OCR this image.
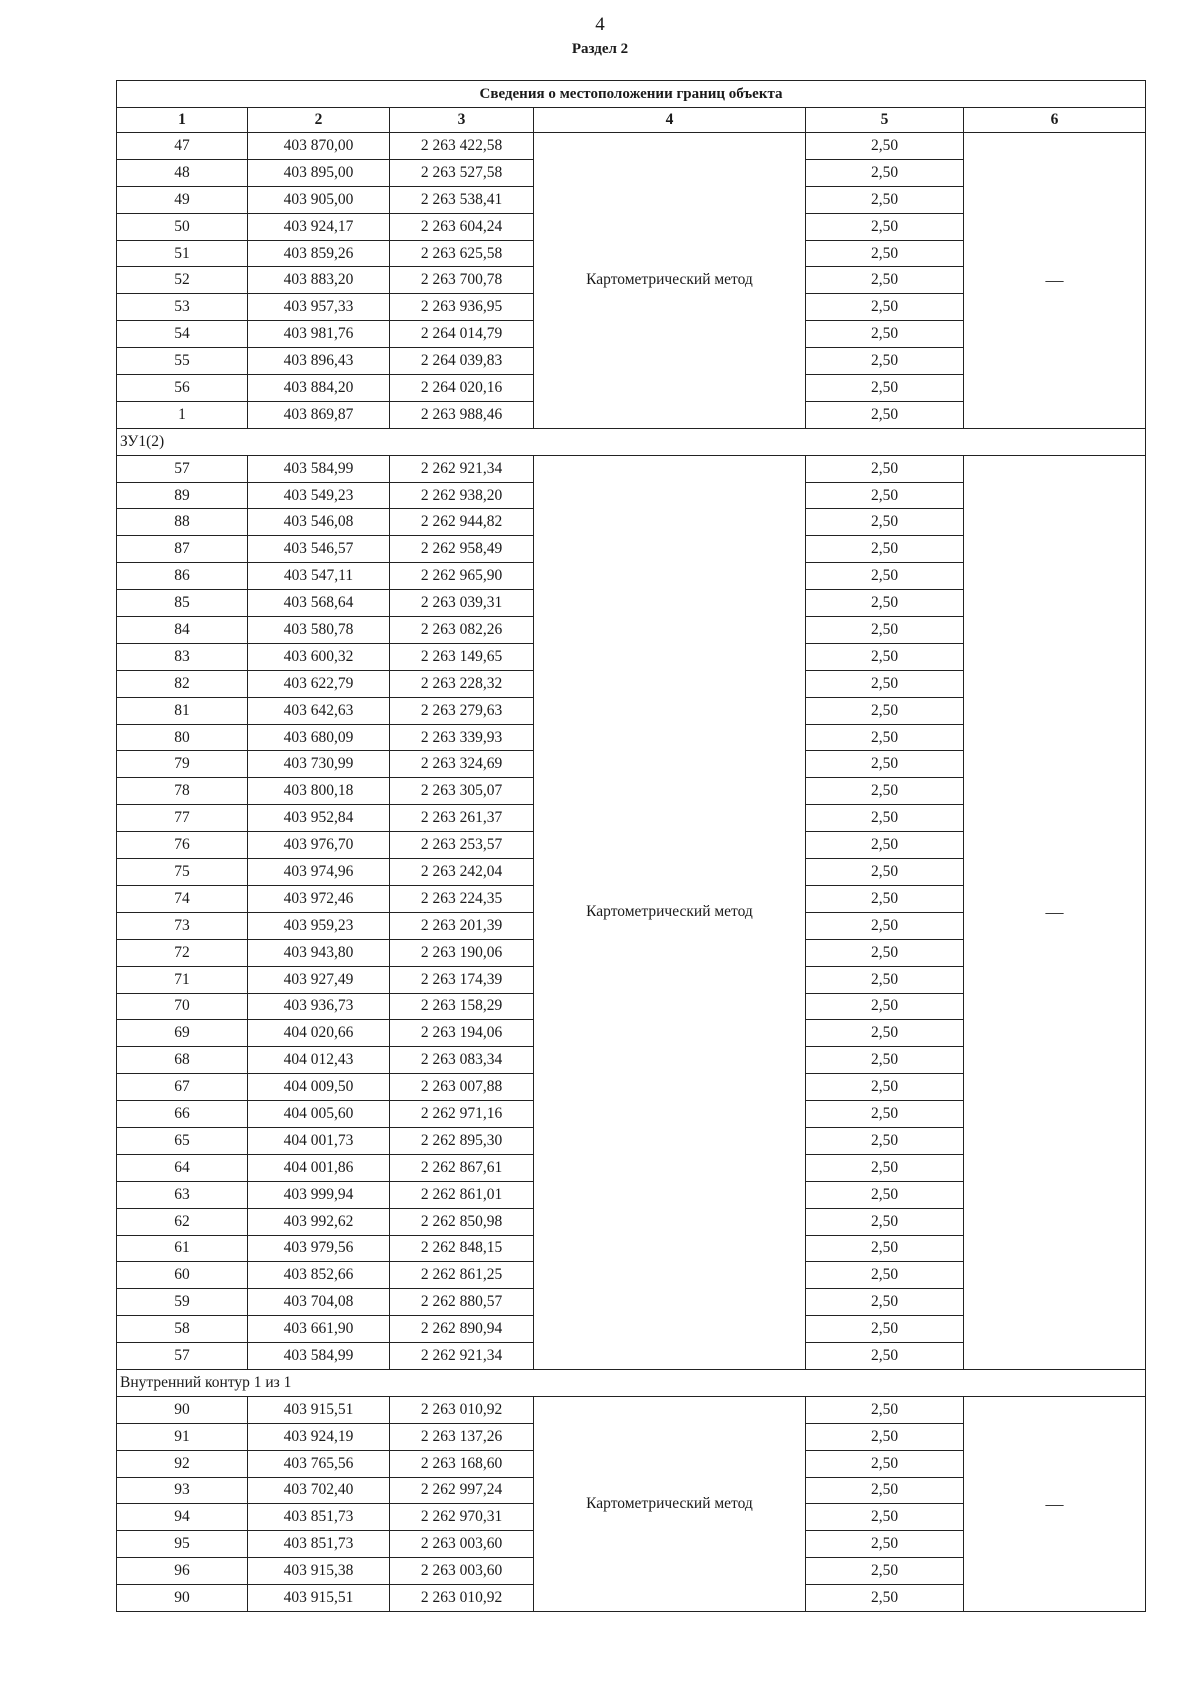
4
Раздел 2
Сведения о местоположении границ объекта					
1	2	3	4	5	6
47	403 870,00	2 263 422,58	Картометрический метод	2,50	—
48	403 895,00	2 263 527,58		2,50	
49	403 905,00	2 263 538,41		2,50	
50	403 924,17	2 263 604,24		2,50	
51	403 859,26	2 263 625,58		2,50	
52	403 883,20	2 263 700,78		2,50	
53	403 957,33	2 263 936,95		2,50	
54	403 981,76	2 264 014,79		2,50	
55	403 896,43	2 264 039,83		2,50	
56	403 884,20	2 264 020,16		2,50	
1	403 869,87	2 263 988,46		2,50	
ЗУ1(2)					
57	403 584,99	2 262 921,34	Картометрический метод	2,50	—
89	403 549,23	2 262 938,20		2,50	
88	403 546,08	2 262 944,82		2,50	
87	403 546,57	2 262 958,49		2,50	
86	403 547,11	2 262 965,90		2,50	
85	403 568,64	2 263 039,31		2,50	
84	403 580,78	2 263 082,26		2,50	
83	403 600,32	2 263 149,65		2,50	
82	403 622,79	2 263 228,32		2,50	
81	403 642,63	2 263 279,63		2,50	
80	403 680,09	2 263 339,93		2,50	
79	403 730,99	2 263 324,69		2,50	
78	403 800,18	2 263 305,07		2,50	
77	403 952,84	2 263 261,37		2,50	
76	403 976,70	2 263 253,57		2,50	
75	403 974,96	2 263 242,04		2,50	
74	403 972,46	2 263 224,35		2,50	
73	403 959,23	2 263 201,39		2,50	
72	403 943,80	2 263 190,06		2,50	
71	403 927,49	2 263 174,39		2,50	
70	403 936,73	2 263 158,29		2,50	
69	404 020,66	2 263 194,06		2,50	
68	404 012,43	2 263 083,34		2,50	
67	404 009,50	2 263 007,88		2,50	
66	404 005,60	2 262 971,16		2,50	
65	404 001,73	2 262 895,30		2,50	
64	404 001,86	2 262 867,61		2,50	
63	403 999,94	2 262 861,01		2,50	
62	403 992,62	2 262 850,98		2,50	
61	403 979,56	2 262 848,15		2,50	
60	403 852,66	2 262 861,25		2,50	
59	403 704,08	2 262 880,57		2,50	
58	403 661,90	2 262 890,94		2,50	
57	403 584,99	2 262 921,34		2,50	
Внутренний контур 1 из 1					
90	403 915,51	2 263 010,92	Картометрический метод	2,50	—
91	403 924,19	2 263 137,26		2,50	
92	403 765,56	2 263 168,60		2,50	
93	403 702,40	2 262 997,24		2,50	
94	403 851,73	2 262 970,31		2,50	
95	403 851,73	2 263 003,60		2,50	
96	403 915,38	2 263 003,60		2,50	
90	403 915,51	2 263 010,92		2,50	
